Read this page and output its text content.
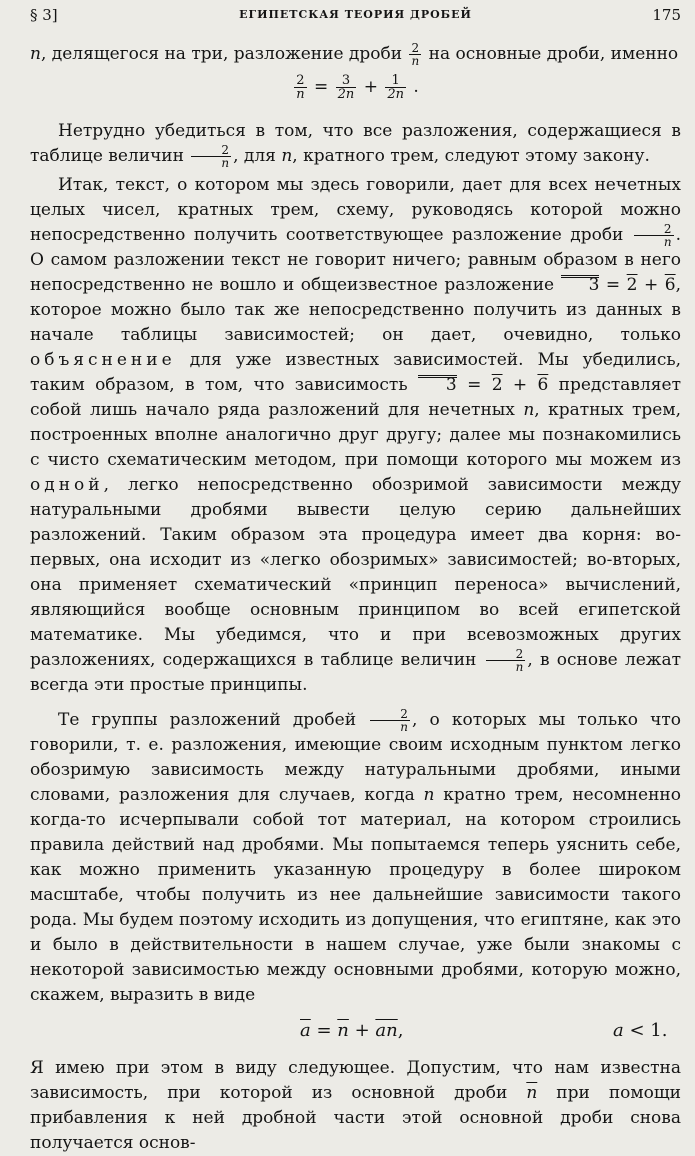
§ 3]	ЕГИПЕТСКАЯ ТЕОРИЯ ДРОБЕЙ	175

n, делящегося на три, разложение дроби $\frac{2}{n}$ на основные дроби, именно

$\frac{2}{n} = \frac{3}{2n} + \frac{1}{2n}$ .

Нетрудно убедиться в том, что все разложения, содержащиеся в таблице величин $\frac{2}{n}$ , для n, кратного трем, следуют этому закону.

Итак, текст, о котором мы здесь говорили, дает для всех нечетных целых чисел, кратных трем, схему, руководясь которой можно непосредственно получить соответствующее разложение дроби $\frac{2}{n}$ . О самом разложении текст не говорит ничего; равным образом в него непосредственно не вошло и общеизвестное разложение 3 = 2 + 6, которое можно было так же непосредственно получить из данных в начале таблицы зависимостей; он дает, очевидно, только объяснение для уже известных зависимостей. Мы убедились, таким образом, в том, что зависимость 3 = 2 + 6 представляет собой лишь начало ряда разложений для нечетных n, кратных трем, построенных вполне аналогично друг другу; далее мы познакомились с чисто схематическим методом, при помощи которого мы можем из одной, легко непосредственно обозримой зависимости между натуральными дробями вывести целую серию дальнейших разложений. Таким образом эта процедура имеет два корня: во-первых, она исходит из «легко обозримых» зависимостей; во-вторых, она применяет схематический «принцип переноса» вычислений, являющийся вообще основным принципом во всей египетской математике. Мы убедимся, что и при всевозможных других разложениях, содержащихся в таблице величин $\frac{2}{n}$ , в основе лежат всегда эти простые принципы.

Те группы разложений дробей $\frac{2}{n}$ , о которых мы только что говорили, т. е. разложения, имеющие своим исходным пунктом легко обозримую зависимость между натуральными дробями, иными словами, разложения для случаев, когда n кратно трем, несомненно когда-то исчерпывали собой тот материал, на котором строились правила действий над дробями. Мы попытаемся теперь уяснить себе, как можно применить указанную процедуру в более широком масштабе, чтобы получить из нее дальнейшие зависимости такого рода. Мы будем поэтому исходить из допущения, что египтяне, как это и было в действительности в нашем случае, уже были знакомы с некоторой зависимостью между основными дробями, которую можно, скажем, выразить в виде

$\overline{a} = \overline{n} + \overline{an}$,	a < 1.

Я имею при этом в виду следующее. Допустим, что нам известна зависимость, при которой из основной дроби $\overline{n}$ при помощи прибавления к ней дробной части этой основной дроби снова получается основ-
